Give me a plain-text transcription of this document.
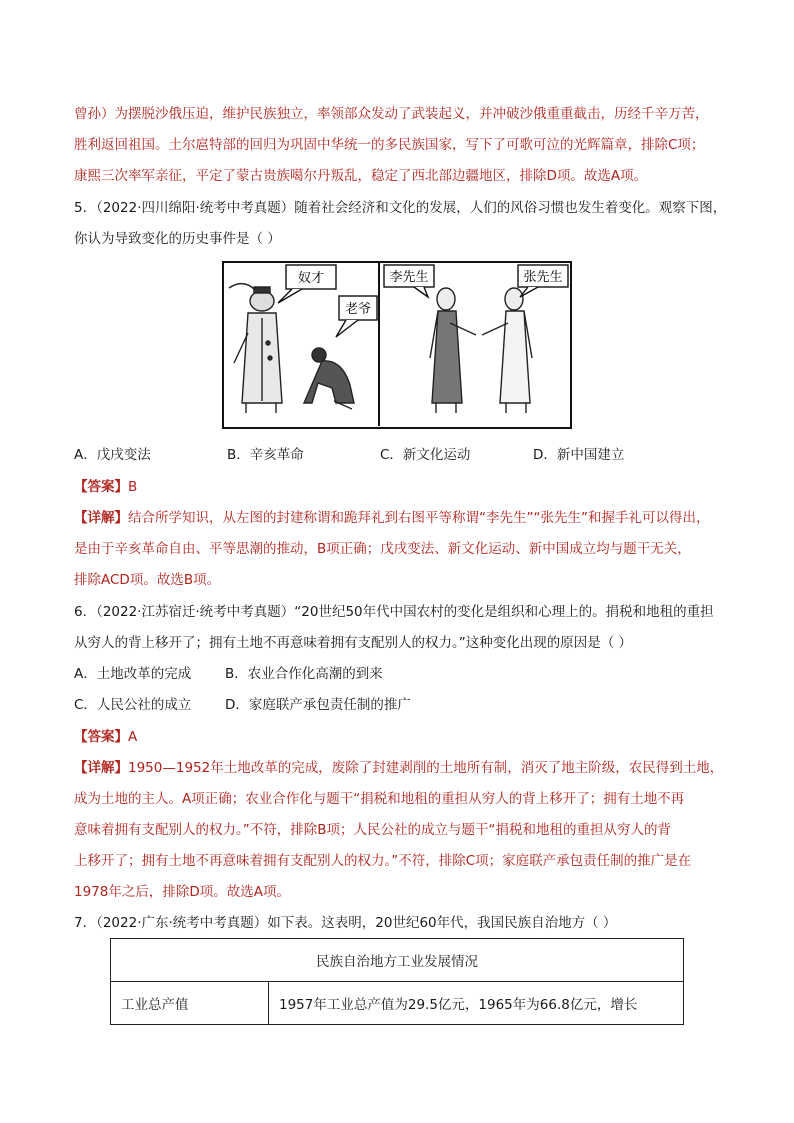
曾孙）为摆脱沙俄压迫，维护民族独立，率领部众发动了武装起义，并冲破沙俄重重截击，历经千辛万苦，
胜利返回祖国。土尔扈特部的回归为巩固中华统一的多民族国家，写下了可歌可泣的光辉篇章，排除C项；
康熙三次率军亲征，平定了蒙古贵族噶尔丹叛乱，稳定了西北部边疆地区，排除D项。故选A项。
5．（2022·四川绵阳·统考中考真题）随着社会经济和文化的发展，人们的风俗习惯也发生着变化。观察下图，
你认为导致变化的历史事件是（ ）
奴才
老爷
李先生	张先生
A．戊戌变法	B．辛亥革命	C．新文化运动	D．新中国建立
【答案】B
【详解】结合所学知识，从左图的封建称谓和跪拜礼到右图平等称谓“李先生”“张先生”和握手礼可以得出，
是由于辛亥革命自由、平等思潮的推动，B项正确；戊戌变法、新文化运动、新中国成立均与题干无关，
排除ACD项。故选B项。
6．（2022·江苏宿迁·统考中考真题）“20世纪50年代中国农村的变化是组织和心理上的。捐税和地租的重担
从穷人的背上移开了；拥有土地不再意味着拥有支配别人的权力。”这种变化出现的原因是（ ）
A．土地改革的完成	B．农业合作化高潮的到来
C．人民公社的成立 D．家庭联产承包责任制的推广
【答案】A
【详解】1950—1952年土地改革的完成，废除了封建剥削的土地所有制，消灭了地主阶级，农民得到土地，
成为土地的主人。A项正确；农业合作化与题干“捐税和地租的重担从穷人的背上移开了；拥有土地不再
意味着拥有支配别人的权力。”不符，排除B项；人民公社的成立与题干“捐税和地租的重担从穷人的背
上移开了；拥有土地不再意味着拥有支配别人的权力。”不符，排除C项；家庭联产承包责任制的推广是在
1978年之后，排除D项。故选A项。
7．（2022·广东·统考中考真题）如下表。这表明，20世纪60年代，我国民族自治地方（ ）
民族自治地方工业发展情况
工业总产值	1957年工业总产值为29.5亿元，1965年为66.8亿元，增长
